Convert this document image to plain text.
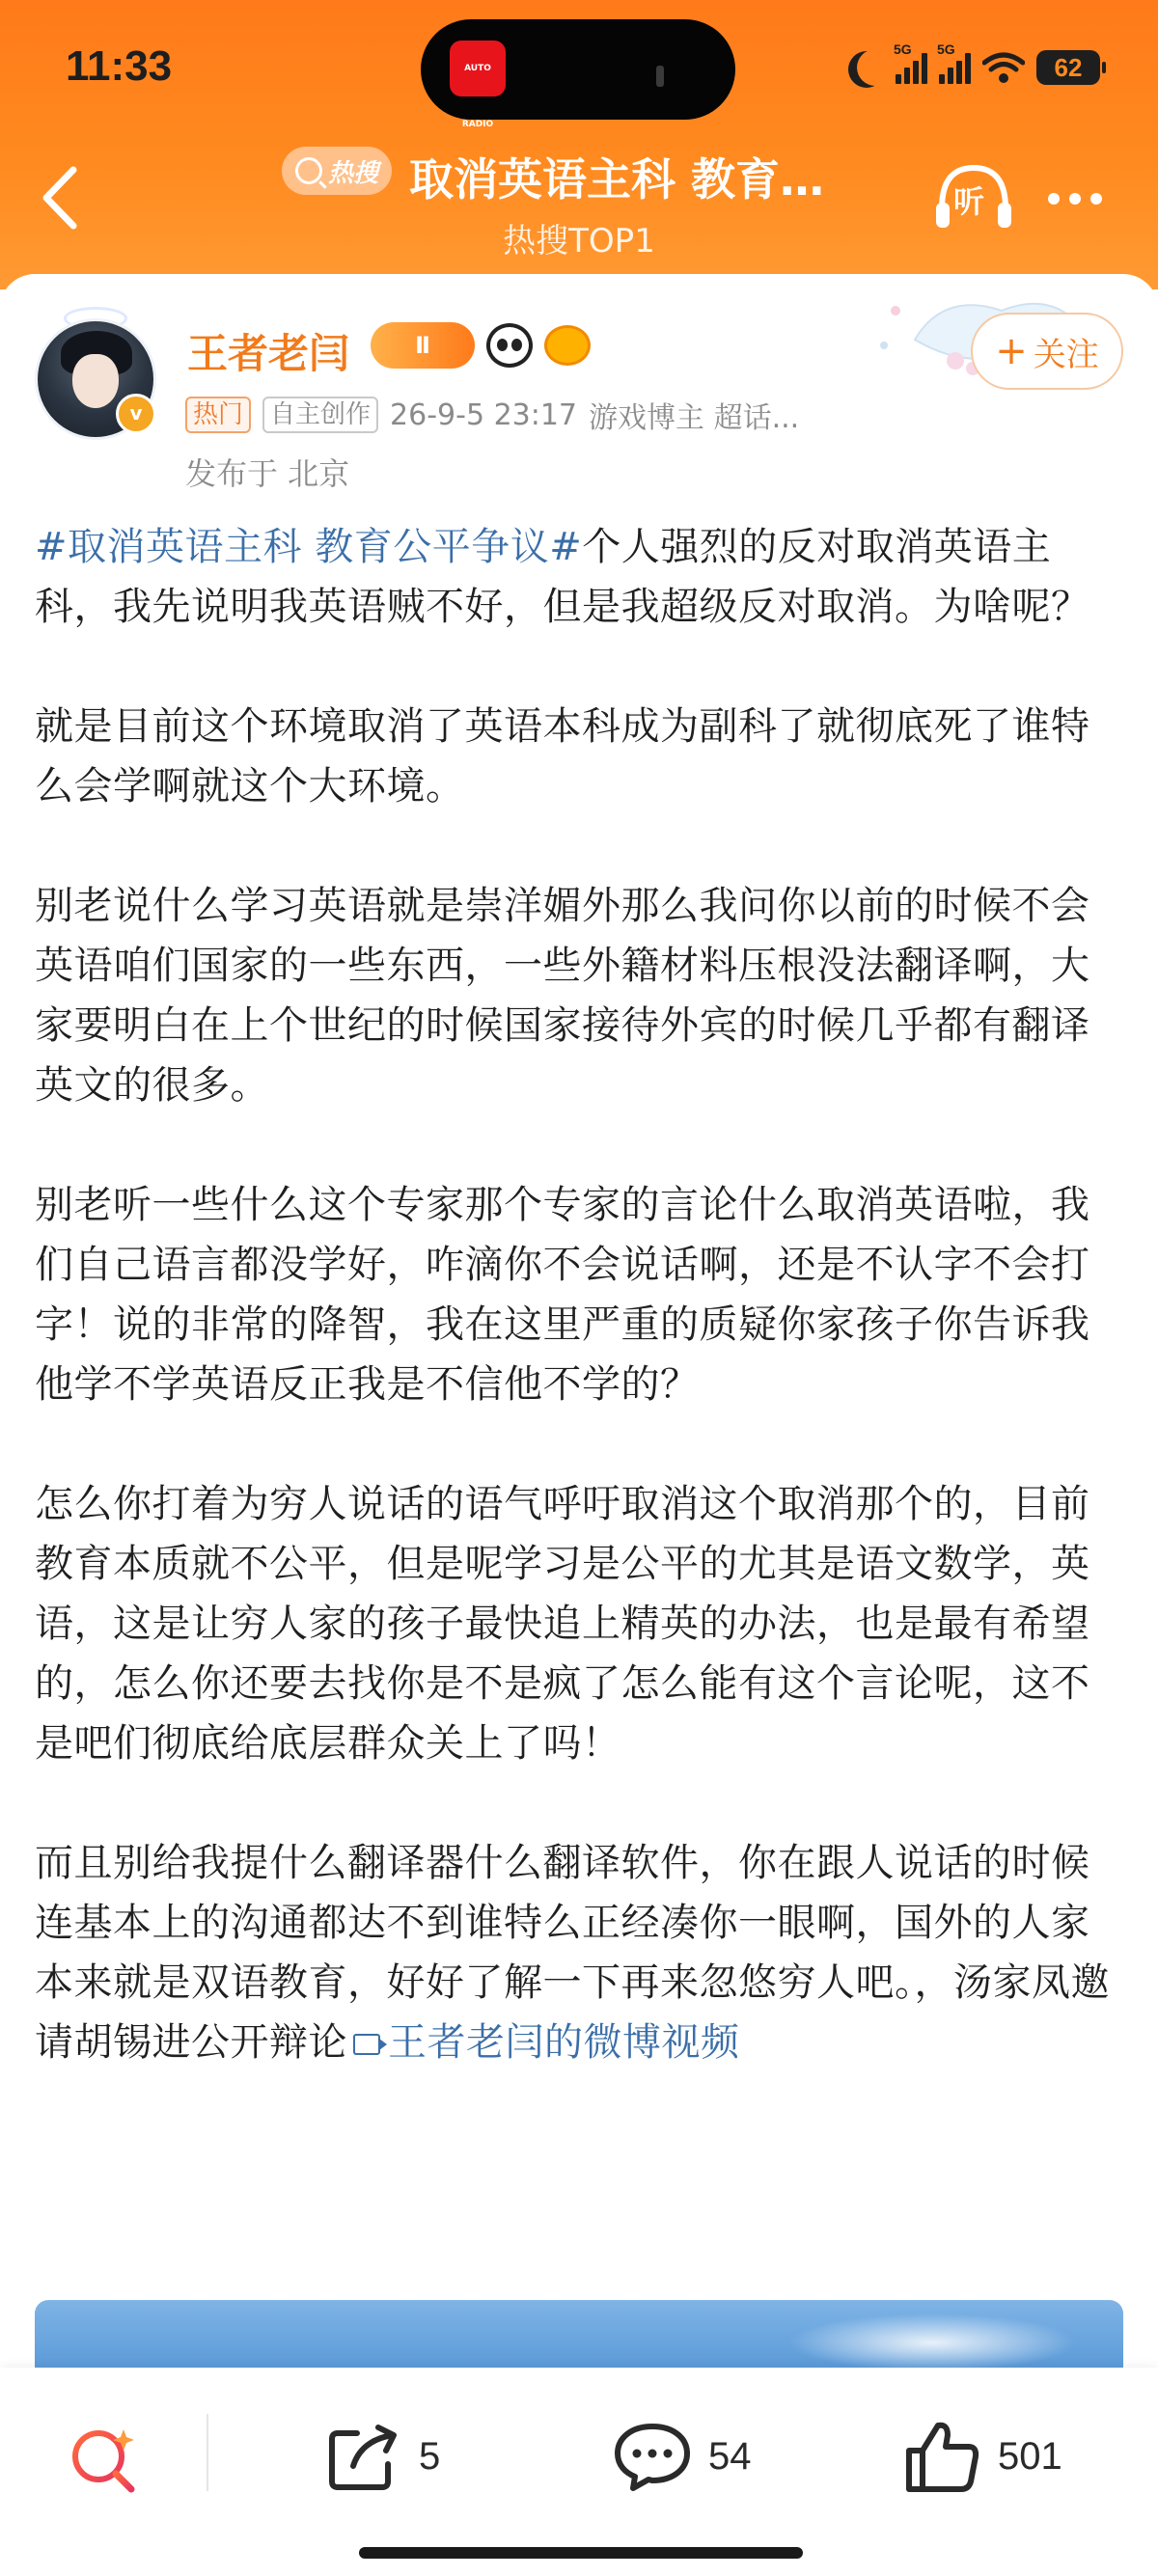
11:33	AUTO RADIO
5G 5G
62
热搜 取消英语主科 教育…
热搜TOP1
听
v
王者老闫	Ⅱ	+ 关注
热门	自主创作 26-9-5 23:17 游戏博主 超话...
发布于 北京

#取消英语主科 教育公平争议#个人强烈的反对取消英语主科，我先说明我英语贼不好，但是我超级反对取消。为啥呢？

就是目前这个环境取消了英语本科成为副科了就彻底死了谁特么会学啊就这个大环境。

别老说什么学习英语就是崇洋媚外那么我问你以前的时候不会英语咱们国家的一些东西，一些外籍材料压根没法翻译啊，大家要明白在上个世纪的时候国家接待外宾的时候几乎都有翻译英文的很多。

别老听一些什么这个专家那个专家的言论什么取消英语啦，我们自己语言都没学好，咋滴你不会说话啊，还是不认字不会打字！说的非常的降智，我在这里严重的质疑你家孩子你告诉我他学不学英语反正我是不信他不学的？

怎么你打着为穷人说话的语气呼吁取消这个取消那个的，目前教育本质就不公平，但是呢学习是公平的尤其是语文数学，英语，这是让穷人家的孩子最快追上精英的办法，也是最有希望的，怎么你还要去找你是不是疯了怎么能有这个言论呢，这不是吧们彻底给底层群众关上了吗！

而且别给我提什么翻译器什么翻译软件，你在跟人说话的时候连基本上的沟通都达不到谁特么正经凑你一眼啊，国外的人家本来就是双语教育，好好了解一下再来忽悠穷人吧。，汤家凤邀请胡锡进公开辩论 王者老闫的微博视频

5	54	501
